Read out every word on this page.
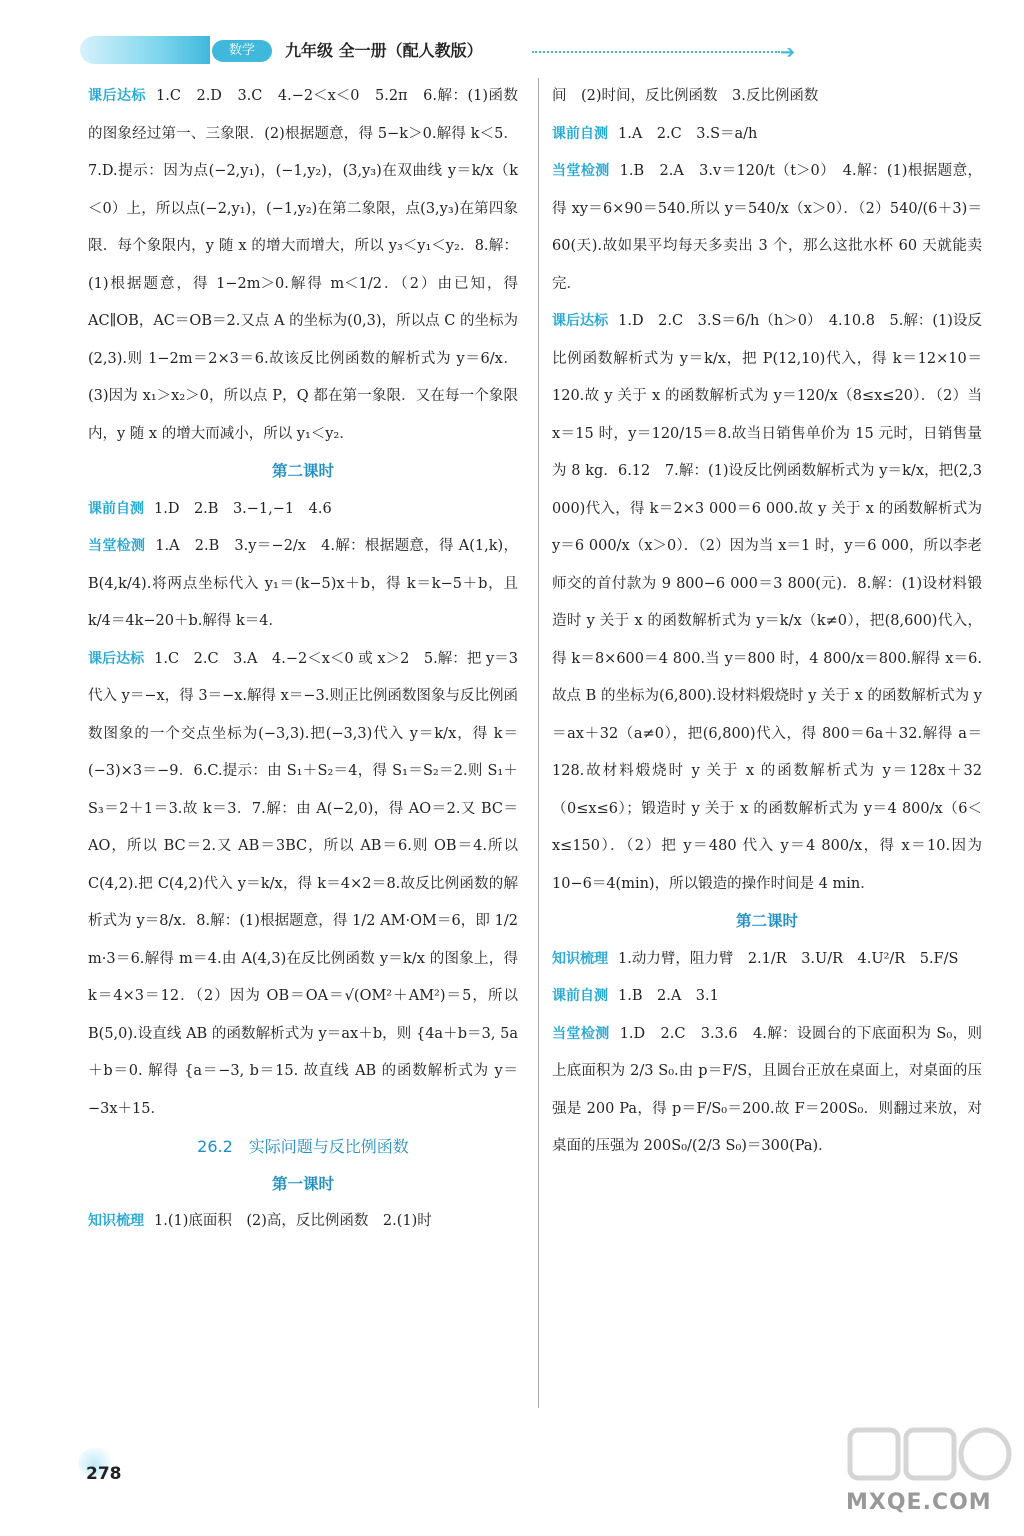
数学	九年级 全一册（配人教版）	➔

课后达标 1.C　2.D　3.C　4.−2＜x＜0　5.2π　6.解：(1)函数的图象经过第一、三象限．(2)根据题意，得 5−k＞0.解得 k＜5．7.D.提示：因为点(−2,y₁)，(−1,y₂)，(3,y₃)在双曲线 y＝k/x（k＜0）上，所以点(−2,y₁)，(−1,y₂)在第二象限，点(3,y₃)在第四象限．每个象限内，y 随 x 的增大而增大，所以 y₃＜y₁＜y₂．8.解：(1)根据题意，得 1−2m＞0.解得 m＜1/2．（2）由已知，得 AC∥OB，AC＝OB＝2.又点 A 的坐标为(0,3)，所以点 C 的坐标为(2,3).则 1−2m＝2×3＝6.故该反比例函数的解析式为 y＝6/x．(3)因为 x₁＞x₂＞0，所以点 P，Q 都在第一象限．又在每一个象限内，y 随 x 的增大而减小，所以 y₁＜y₂．

第二课时

课前自测 1.D　2.B　3.−1,−1　4.6

当堂检测 1.A　2.B　3.y＝−2/x　4.解：根据题意，得 A(1,k)，B(4,k/4).将两点坐标代入 y₁＝(k−5)x＋b，得 k＝k−5＋b，且 k/4＝4k−20＋b.解得 k＝4．

课后达标 1.C　2.C　3.A　4.−2＜x＜0 或 x＞2　5.解：把 y＝3 代入 y＝−x，得 3＝−x.解得 x＝−3.则正比例函数图象与反比例函数图象的一个交点坐标为(−3,3).把(−3,3)代入 y＝k/x，得 k＝(−3)×3＝−9．6.C.提示：由 S₁＋S₂＝4，得 S₁＝S₂＝2.则 S₁＋S₃＝2＋1＝3.故 k＝3．7.解：由 A(−2,0)，得 AO＝2.又 BC＝AO，所以 BC＝2.又 AB＝3BC，所以 AB＝6.则 OB＝4.所以 C(4,2).把 C(4,2)代入 y＝k/x，得 k＝4×2＝8.故反比例函数的解析式为 y＝8/x．8.解：(1)根据题意，得 1/2 AM·OM＝6，即 1/2 m·3＝6.解得 m＝4.由 A(4,3)在反比例函数 y＝k/x 的图象上，得 k＝4×3＝12．（2）因为 OB＝OA＝√(OM²＋AM²)＝5，所以 B(5,0).设直线 AB 的函数解析式为 y＝ax＋b，则 {4a＋b＝3, 5a＋b＝0. 解得 {a＝−3, b＝15. 故直线 AB 的函数解析式为 y＝−3x＋15．

26.2　实际问题与反比例函数
第一课时

知识梳理 1.(1)底面积　(2)高，反比例函数　2.(1)时

间　(2)时间，反比例函数　3.反比例函数

课前自测 1.A　2.C　3.S＝a/h

当堂检测 1.B　2.A　3.v＝120/t（t＞0）　4.解：(1)根据题意，得 xy＝6×90＝540.所以 y＝540/x（x＞0）．（2）540/(6＋3)＝60(天).故如果平均每天多卖出 3 个，那么这批水杯 60 天就能卖完．

课后达标 1.D　2.C　3.S＝6/h（h＞0）　4.10.8　5.解：(1)设反比例函数解析式为 y＝k/x，把 P(12,10)代入，得 k＝12×10＝120.故 y 关于 x 的函数解析式为 y＝120/x（8≤x≤20）．（2）当 x＝15 时，y＝120/15＝8.故当日销售单价为 15 元时，日销售量为 8 kg．6.12　7.解：(1)设反比例函数解析式为 y＝k/x，把(2,3 000)代入，得 k＝2×3 000＝6 000.故 y 关于 x 的函数解析式为 y＝6 000/x（x＞0）．（2）因为当 x＝1 时，y＝6 000，所以李老师交的首付款为 9 800−6 000＝3 800(元)．8.解：(1)设材料锻造时 y 关于 x 的函数解析式为 y＝k/x（k≠0），把(8,600)代入，得 k＝8×600＝4 800.当 y＝800 时，4 800/x＝800.解得 x＝6.故点 B 的坐标为(6,800).设材料煅烧时 y 关于 x 的函数解析式为 y＝ax＋32（a≠0），把(6,800)代入，得 800＝6a＋32.解得 a＝128.故材料煅烧时 y 关于 x 的函数解析式为 y＝128x＋32（0≤x≤6）；锻造时 y 关于 x 的函数解析式为 y＝4 800/x（6＜x≤150）．（2）把 y＝480 代入 y＝4 800/x，得 x＝10.因为 10−6＝4(min)，所以锻造的操作时间是 4 min．

第二课时

知识梳理 1.动力臂，阻力臂　2.1/R　3.U/R　4.U²/R　5.F/S

课前自测 1.B　2.A　3.1

当堂检测 1.D　2.C　3.3.6　4.解：设圆台的下底面积为 S₀，则上底面积为 2/3 S₀.由 p＝F/S，且圆台正放在桌面上，对桌面的压强是 200 Pa，得 p＝F/S₀＝200.故 F＝200S₀．则翻过来放，对桌面的压强为 200S₀/(2/3 S₀)＝300(Pa)．

278
MXQE.COM
